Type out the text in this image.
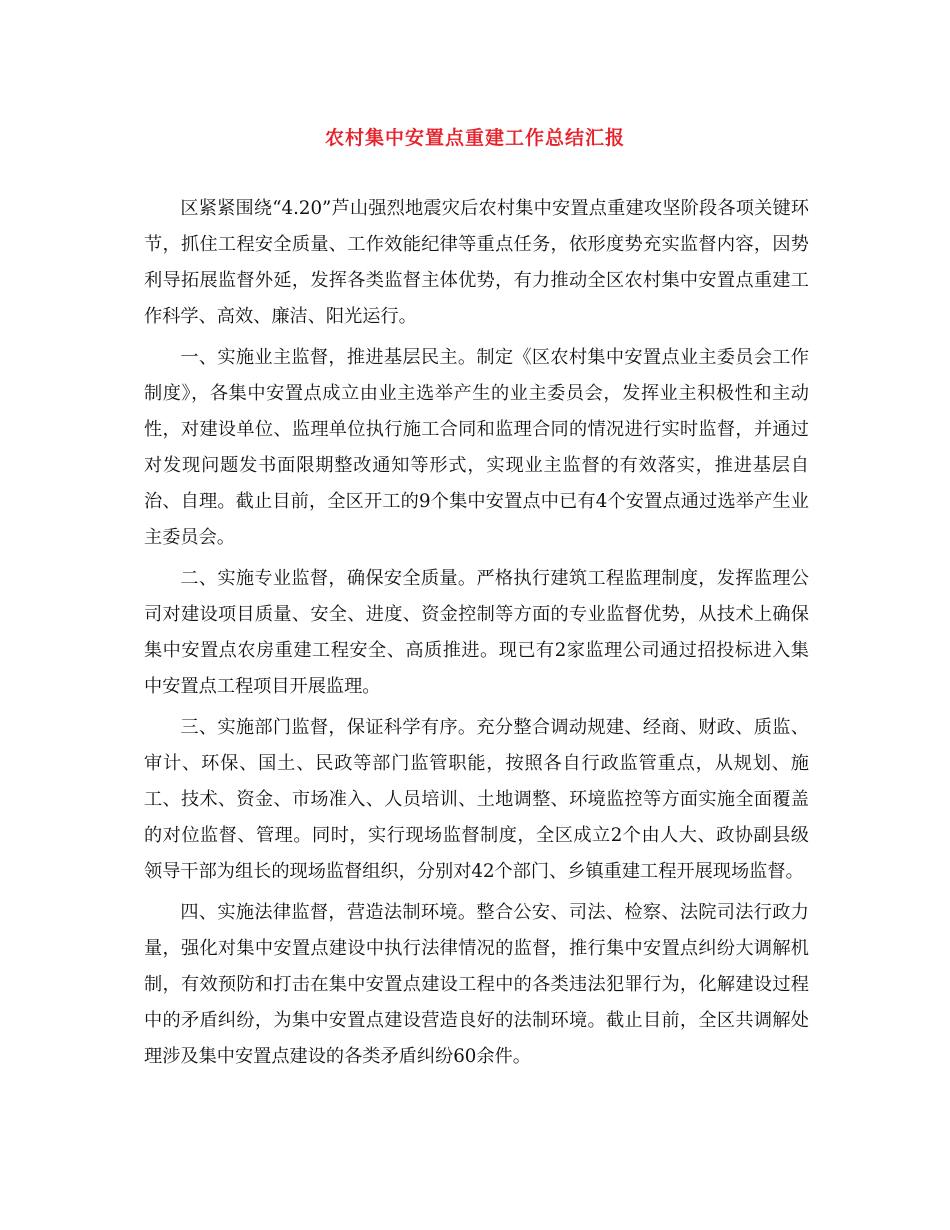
农村集中安置点重建工作总结汇报

区紧紧围绕“4.20”芦山强烈地震灾后农村集中安置点重建攻坚阶段各项关键环节，抓住工程安全质量、工作效能纪律等重点任务，依形度势充实监督内容，因势利导拓展监督外延，发挥各类监督主体优势，有力推动全区农村集中安置点重建工作科学、高效、廉洁、阳光运行。

一、实施业主监督，推进基层民主。制定《区农村集中安置点业主委员会工作制度》，各集中安置点成立由业主选举产生的业主委员会，发挥业主积极性和主动性，对建设单位、监理单位执行施工合同和监理合同的情况进行实时监督，并通过对发现问题发书面限期整改通知等形式，实现业主监督的有效落实，推进基层自治、自理。截止目前，全区开工的9个集中安置点中已有4个安置点通过选举产生业主委员会。

二、实施专业监督，确保安全质量。严格执行建筑工程监理制度，发挥监理公司对建设项目质量、安全、进度、资金控制等方面的专业监督优势，从技术上确保集中安置点农房重建工程安全、高质推进。现已有2家监理公司通过招投标进入集中安置点工程项目开展监理。

三、实施部门监督，保证科学有序。充分整合调动规建、经商、财政、质监、审计、环保、国土、民政等部门监管职能，按照各自行政监管重点，从规划、施工、技术、资金、市场准入、人员培训、土地调整、环境监控等方面实施全面覆盖的对位监督、管理。同时，实行现场监督制度，全区成立2个由人大、政协副县级领导干部为组长的现场监督组织，分别对42个部门、乡镇重建工程开展现场监督。

四、实施法律监督，营造法制环境。整合公安、司法、检察、法院司法行政力量，强化对集中安置点建设中执行法律情况的监督，推行集中安置点纠纷大调解机制，有效预防和打击在集中安置点建设工程中的各类违法犯罪行为，化解建设过程中的矛盾纠纷，为集中安置点建设营造良好的法制环境。截止目前，全区共调解处理涉及集中安置点建设的各类矛盾纠纷60余件。
